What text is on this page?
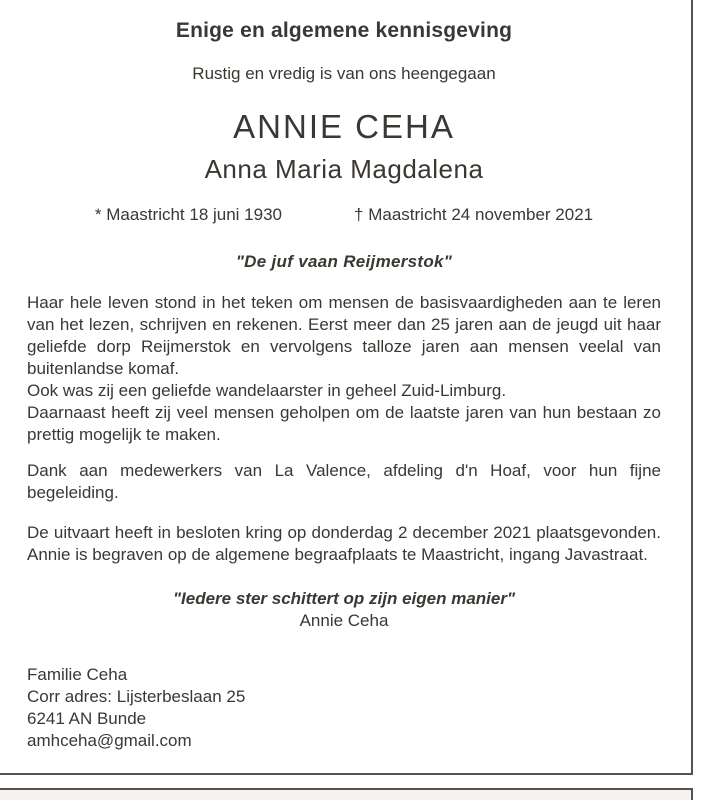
Enige en algemene kennisgeving

Rustig en vredig is van ons heengegaan

ANNIE CEHA
Anna Maria Magdalena
* Maastricht 18 juni 1930	† Maastricht 24 november 2021
"De juf vaan Reijmerstok"

Haar hele leven stond in het teken om mensen de basisvaardigheden aan te leren van het lezen, schrijven en rekenen. Eerst meer dan 25 jaren aan de jeugd uit haar geliefde dorp Reijmerstok en vervolgens talloze jaren aan mensen veelal van buitenlandse komaf.

Ook was zij een geliefde wandelaarster in geheel Zuid-Limburg.

Daarnaast heeft zij veel mensen geholpen om de laatste jaren van hun bestaan zo prettig mogelijk te maken.

Dank aan medewerkers van La Valence, afdeling d'n Hoaf, voor hun fijne begeleiding.

De uitvaart heeft in besloten kring op donderdag 2 december 2021 plaatsgevonden. Annie is begraven op de algemene begraafplaats te Maastricht, ingang Javastraat.

"Iedere ster schittert op zijn eigen manier"
Annie Ceha
Familie Ceha
Corr adres: Lijsterbeslaan 25
6241 AN Bunde
amhceha@gmail.com
